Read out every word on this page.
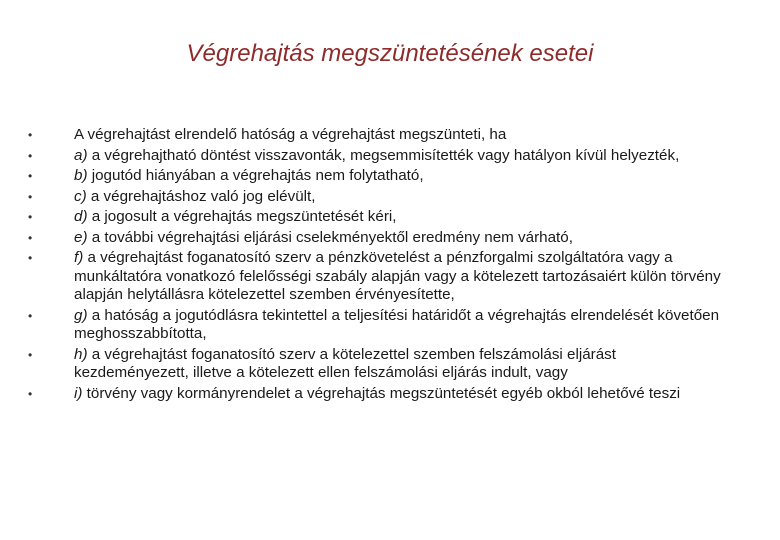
Végrehajtás megszüntetésének esetei
•	A végrehajtást elrendelő hatóság a végrehajtást megszünteti, ha
•	a) a végrehajtható döntést visszavonták, megsemmisítették vagy hatályon kívül helyezték,
•	b) jogutód hiányában a végrehajtás nem folytatható,
•	c) a végrehajtáshoz való jog elévült,
•	d) a jogosult a végrehajtás megszüntetését kéri,
•	e) a további végrehajtási eljárási cselekményektől eredmény nem várható,
•	f) a végrehajtást foganatosító szerv a pénzkövetelést a pénzforgalmi szolgáltatóra vagy a munkáltatóra vonatkozó felelősségi szabály alapján vagy a kötelezett tartozásaiért külön törvény alapján helytállásra kötelezettel szemben érvényesítette,
•	g) a hatóság a jogutódlásra tekintettel a teljesítési határidőt a végrehajtás elrendelését követően meghosszabbította,
•	h) a végrehajtást foganatosító szerv a kötelezettel szemben felszámolási eljárást kezdeményezett, illetve a kötelezett ellen felszámolási eljárás indult, vagy
•	i) törvény vagy kormányrendelet a végrehajtás megszüntetését egyéb okból lehetővé teszi
